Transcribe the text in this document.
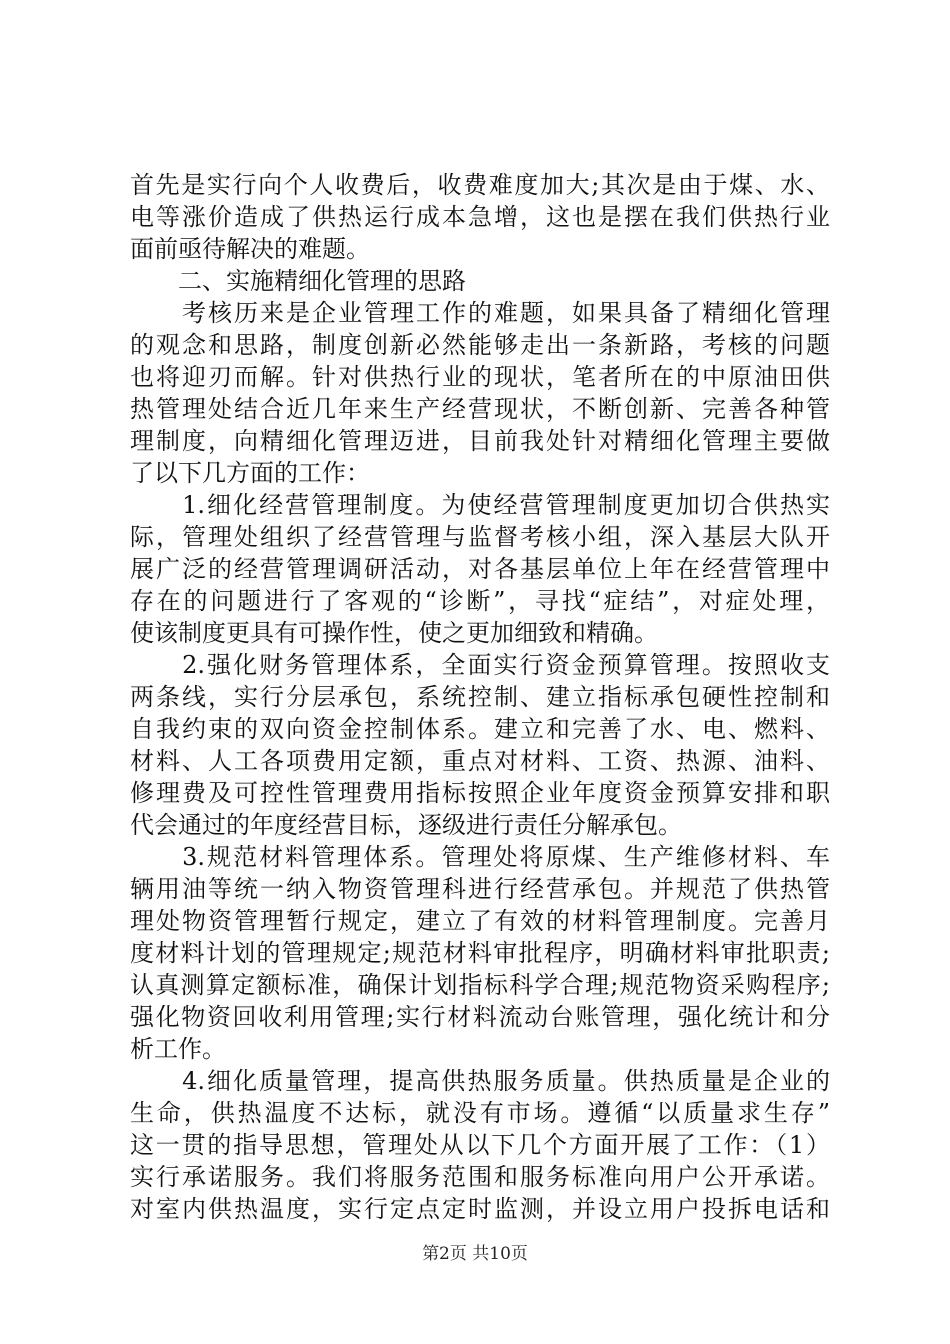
首先是实行向个人收费后，收费难度加大;其次是由于煤、水、
电等涨价造成了供热运行成本急增，这也是摆在我们供热行业
面前亟待解决的难题。
　　二、实施精细化管理的思路
　　考核历来是企业管理工作的难题，如果具备了精细化管理
的观念和思路，制度创新必然能够走出一条新路，考核的问题
也将迎刃而解。针对供热行业的现状，笔者所在的中原油田供
热管理处结合近几年来生产经营现状，不断创新、完善各种管
理制度，向精细化管理迈进，目前我处针对精细化管理主要做
了以下几方面的工作：
　　1.细化经营管理制度。为使经营管理制度更加切合供热实
际，管理处组织了经营管理与监督考核小组，深入基层大队开
展广泛的经营管理调研活动，对各基层单位上年在经营管理中
存在的问题进行了客观的“诊断”，寻找“症结”，对症处理，
使该制度更具有可操作性，使之更加细致和精确。
　　2.强化财务管理体系，全面实行资金预算管理。按照收支
两条线，实行分层承包，系统控制、建立指标承包硬性控制和
自我约束的双向资金控制体系。建立和完善了水、电、燃料、
材料、人工各项费用定额，重点对材料、工资、热源、油料、
修理费及可控性管理费用指标按照企业年度资金预算安排和职
代会通过的年度经营目标，逐级进行责任分解承包。
　　3.规范材料管理体系。管理处将原煤、生产维修材料、车
辆用油等统一纳入物资管理科进行经营承包。并规范了供热管
理处物资管理暂行规定，建立了有效的材料管理制度。完善月
度材料计划的管理规定;规范材料审批程序，明确材料审批职责;
认真测算定额标准，确保计划指标科学合理;规范物资采购程序;
强化物资回收利用管理;实行材料流动台账管理，强化统计和分
析工作。
　　4.细化质量管理，提高供热服务质量。供热质量是企业的
生命，供热温度不达标，就没有市场。遵循“以质量求生存”
这一贯的指导思想，管理处从以下几个方面开展了工作：（1）
实行承诺服务。我们将服务范围和服务标准向用户公开承诺。
对室内供热温度，实行定点定时监测，并设立用户投拆电话和
第2页 共10页
